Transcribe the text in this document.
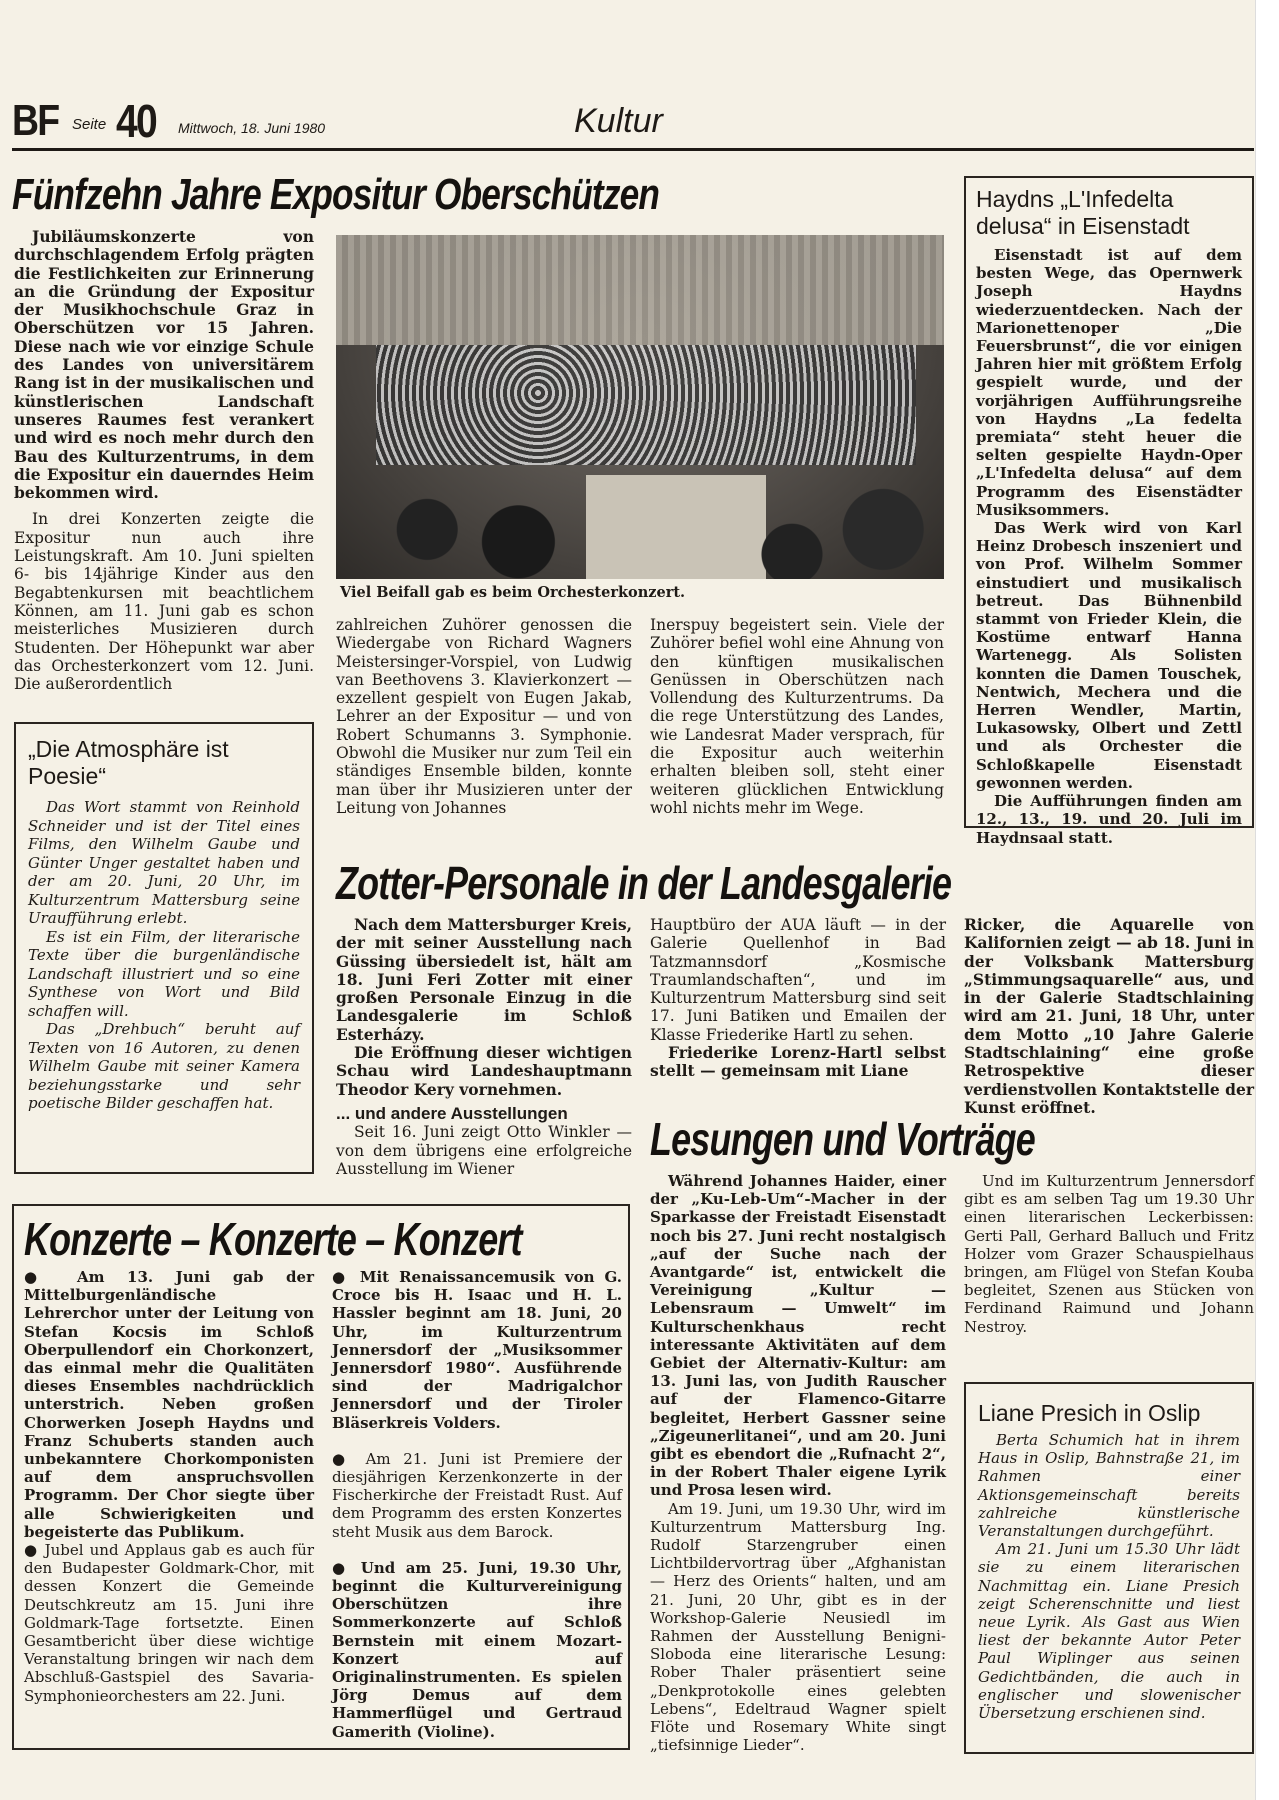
BF Seite 40 Mittwoch, 18. Juni 1980	Kultur
Fünfzehn Jahre Expositur Oberschützen

Jubiläumskonzerte von durchschlagendem Erfolg prägten die Festlichkeiten zur Erinnerung an die Gründung der Expositur der Musikhochschule Graz in Oberschützen vor 15 Jahren. Diese nach wie vor einzige Schule des Landes von universitärem Rang ist in der musikalischen und künstlerischen Landschaft unseres Raumes fest verankert und wird es noch mehr durch den Bau des Kulturzentrums, in dem die Expositur ein dauerndes Heim bekommen wird.

In drei Konzerten zeigte die Expositur nun auch ihre Leistungskraft. Am 10. Juni spielten 6- bis 14jährige Kinder aus den Begabtenkursen mit beachtlichem Können, am 11. Juni gab es schon meisterliches Musizieren durch Studenten. Der Höhepunkt war aber das Orchesterkonzert vom 12. Juni. Die außerordentlich

Viel Beifall gab es beim Orchesterkonzert.

zahlreichen Zuhörer genossen die Wiedergabe von Richard Wagners Meistersinger-Vorspiel, von Ludwig van Beethovens 3. Klavierkonzert — exzellent gespielt von Eugen Jakab, Lehrer an der Expositur — und von Robert Schumanns 3. Symphonie. Obwohl die Musiker nur zum Teil ein ständiges Ensemble bilden, konnte man über ihr Musizieren unter der Leitung von Johannes

Inerspuy begeistert sein. Viele der Zuhörer befiel wohl eine Ahnung von den künftigen musikalischen Genüssen in Oberschützen nach Vollendung des Kulturzentrums. Da die rege Unterstützung des Landes, wie Landesrat Mader versprach, für die Expositur auch weiterhin erhalten bleiben soll, steht einer weiteren glücklichen Entwicklung wohl nichts mehr im Wege.

Haydns „L'Infedelta delusa“ in Eisenstadt

Eisenstadt ist auf dem besten Wege, das Opernwerk Joseph Haydns wiederzuentdecken. Nach der Marionettenoper „Die Feuersbrunst“, die vor einigen Jahren hier mit größtem Erfolg gespielt wurde, und der vorjährigen Aufführungsreihe von Haydns „La fedelta premiata“ steht heuer die selten gespielte Haydn-Oper „L'Infedelta delusa“ auf dem Programm des Eisenstädter Musiksommers.

Das Werk wird von Karl Heinz Drobesch inszeniert und von Prof. Wilhelm Sommer einstudiert und musikalisch betreut. Das Bühnenbild stammt von Frieder Klein, die Kostüme entwarf Hanna Wartenegg. Als Solisten konnten die Damen Touschek, Nentwich, Mechera und die Herren Wendler, Martin, Lukasowsky, Olbert und Zettl und als Orchester die Schloßkapelle Eisenstadt gewonnen werden.

Die Aufführungen finden am 12., 13., 19. und 20. Juli im Haydnsaal statt.

„Die Atmosphäre ist Poesie“

Das Wort stammt von Reinhold Schneider und ist der Titel eines Films, den Wilhelm Gaube und Günter Unger gestaltet haben und der am 20. Juni, 20 Uhr, im Kulturzentrum Mattersburg seine Uraufführung erlebt.

Es ist ein Film, der literarische Texte über die burgenländische Landschaft illustriert und so eine Synthese von Wort und Bild schaffen will.

Das „Drehbuch“ beruht auf Texten von 16 Autoren, zu denen Wilhelm Gaube mit seiner Kamera beziehungsstarke und sehr poetische Bilder geschaffen hat.

Zotter-Personale in der Landesgalerie

Nach dem Mattersburger Kreis, der mit seiner Ausstellung nach Güssing übersiedelt ist, hält am 18. Juni Feri Zotter mit einer großen Personale Einzug in die Landesgalerie im Schloß Esterházy.

Die Eröffnung dieser wichtigen Schau wird Landeshauptmann Theodor Kery vornehmen.

... und andere Ausstellungen

Seit 16. Juni zeigt Otto Winkler — von dem übrigens eine erfolgreiche Ausstellung im Wiener

Hauptbüro der AUA läuft — in der Galerie Quellenhof in Bad Tatzmannsdorf „Kosmische Traumlandschaften“, und im Kulturzentrum Mattersburg sind seit 17. Juni Batiken und Emailen der Klasse Friederike Hartl zu sehen.

Friederike Lorenz-Hartl selbst stellt — gemeinsam mit Liane

Ricker, die Aquarelle von Kalifornien zeigt — ab 18. Juni in der Volksbank Mattersburg „Stimmungsaquarelle“ aus, und in der Galerie Stadtschlaining wird am 21. Juni, 18 Uhr, unter dem Motto „10 Jahre Galerie Stadtschlaining“ eine große Retrospektive dieser verdienstvollen Kontaktstelle der Kunst eröffnet.

Lesungen und Vorträge

Während Johannes Haider, einer der „Ku-Leb-Um“-Macher in der Sparkasse der Freistadt Eisenstadt noch bis 27. Juni recht nostalgisch „auf der Suche nach der Avantgarde“ ist, entwickelt die Vereinigung „Kultur — Lebensraum — Umwelt“ im Kulturschenkhaus recht interessante Aktivitäten auf dem Gebiet der Alternativ-Kultur: am 13. Juni las, von Judith Rauscher auf der Flamenco-Gitarre begleitet, Herbert Gassner seine „Zigeunerlitanei“, und am 20. Juni gibt es ebendort die „Rufnacht 2“, in der Robert Thaler eigene Lyrik und Prosa lesen wird.

Am 19. Juni, um 19.30 Uhr, wird im Kulturzentrum Mattersburg Ing. Rudolf Starzengruber einen Lichtbildervortrag über „Afghanistan — Herz des Orients“ halten, und am 21. Juni, 20 Uhr, gibt es in der Workshop-Galerie Neusiedl im Rahmen der Ausstellung Benigni-Sloboda eine literarische Lesung: Rober Thaler präsentiert seine „Denkprotokolle eines gelebten Lebens“, Edeltraud Wagner spielt Flöte und Rosemary White singt „tiefsinnige Lieder“.

Und im Kulturzentrum Jennersdorf gibt es am selben Tag um 19.30 Uhr einen literarischen Leckerbissen: Gerti Pall, Gerhard Balluch und Fritz Holzer vom Grazer Schauspielhaus bringen, am Flügel von Stefan Kouba begleitet, Szenen aus Stücken von Ferdinand Raimund und Johann Nestroy.

Konzerte – Konzerte – Konzert

● Am 13. Juni gab der Mittelburgenländische Lehrerchor unter der Leitung von Stefan Kocsis im Schloß Oberpullendorf ein Chorkonzert, das einmal mehr die Qualitäten dieses Ensembles nachdrücklich unterstrich. Neben großen Chorwerken Joseph Haydns und Franz Schuberts standen auch unbekanntere Chorkomponisten auf dem anspruchsvollen Programm. Der Chor siegte über alle Schwierigkeiten und begeisterte das Publikum.

● Jubel und Applaus gab es auch für den Budapester Goldmark-Chor, mit dessen Konzert die Gemeinde Deutschkreutz am 15. Juni ihre Goldmark-Tage fortsetzte. Einen Gesamtbericht über diese wichtige Veranstaltung bringen wir nach dem Abschluß-Gastspiel des Savaria-Symphonieorchesters am 22. Juni.

● Mit Renaissancemusik von G. Croce bis H. Isaac und H. L. Hassler beginnt am 18. Juni, 20 Uhr, im Kulturzentrum Jennersdorf der „Musiksommer Jennersdorf 1980“. Ausführende sind der Madrigalchor Jennersdorf und der Tiroler Bläserkreis Volders.

● Am 21. Juni ist Premiere der diesjährigen Kerzenkonzerte in der Fischerkirche der Freistadt Rust. Auf dem Programm des ersten Konzertes steht Musik aus dem Barock.

● Und am 25. Juni, 19.30 Uhr, beginnt die Kulturvereinigung Oberschützen ihre Sommerkonzerte auf Schloß Bernstein mit einem Mozart-Konzert auf Originalinstrumenten. Es spielen Jörg Demus auf dem Hammerflügel und Gertraud Gamerith (Violine).

Liane Presich in Oslip

Berta Schumich hat in ihrem Haus in Oslip, Bahnstraße 21, im Rahmen einer Aktionsgemeinschaft bereits zahlreiche künstlerische Veranstaltungen durchgeführt.

Am 21. Juni um 15.30 Uhr lädt sie zu einem literarischen Nachmittag ein. Liane Presich zeigt Scherenschnitte und liest neue Lyrik. Als Gast aus Wien liest der bekannte Autor Peter Paul Wiplinger aus seinen Gedichtbänden, die auch in englischer und slowenischer Übersetzung erschienen sind.
